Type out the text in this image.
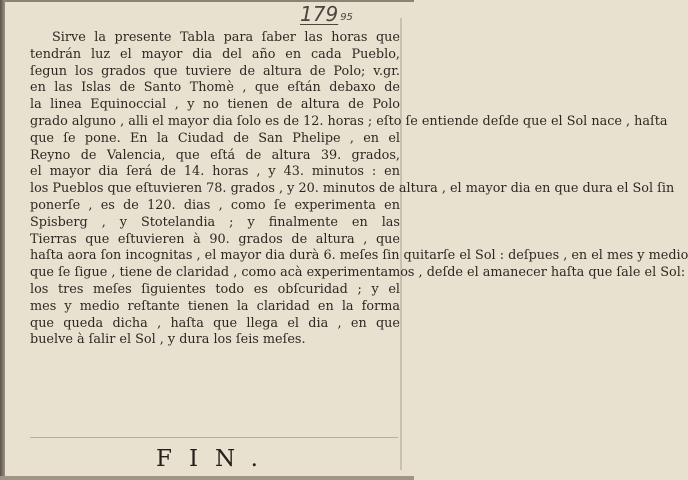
179 95
Sirve la presente Tabla para ſaber las horas que
tendrán luz el mayor dia del año en cada Pueblo,
ſegun los grados que tuviere de altura de Polo; v.gr.
en las Islas de Santo Thomè , que eſtán debaxo de
la linea Equinoccial , y no tienen de altura de Polo
grado alguno , alli el mayor dia ſolo es de 12. horas ; eſto ſe entiende deſde que el Sol nace , haſta
que ſe pone. En la Ciudad de San Phelipe , en el
Reyno de Valencia, que eſtá de altura 39. grados,
el mayor dia ſerá de 14. horas , y 43. minutos : en
los Pueblos que eſtuvieren 78. grados , y 20. minutos de altura , el mayor dia en que dura el Sol ſin
ponerſe , es de 120. dias , como ſe experimenta en
Spisberg , y Stotelandia ; y finalmente en las
Tierras que eſtuvieren à 90. grados de altura , que
haſta aora ſon incognitas , el mayor dia durà 6. meſes ſin quitarſe el Sol : deſpues , en el mes y medio
que ſe ſigue , tiene de claridad , como acà experimentamos , deſde el amanecer haſta que ſale el Sol:
los tres meſes ſiguientes todo es obſcuridad ; y el
mes y medio reſtante tienen la claridad en la forma
que queda dicha , haſta que llega el dia , en que
buelve à ſalir el Sol , y dura los ſeis meſes.
FIN.
